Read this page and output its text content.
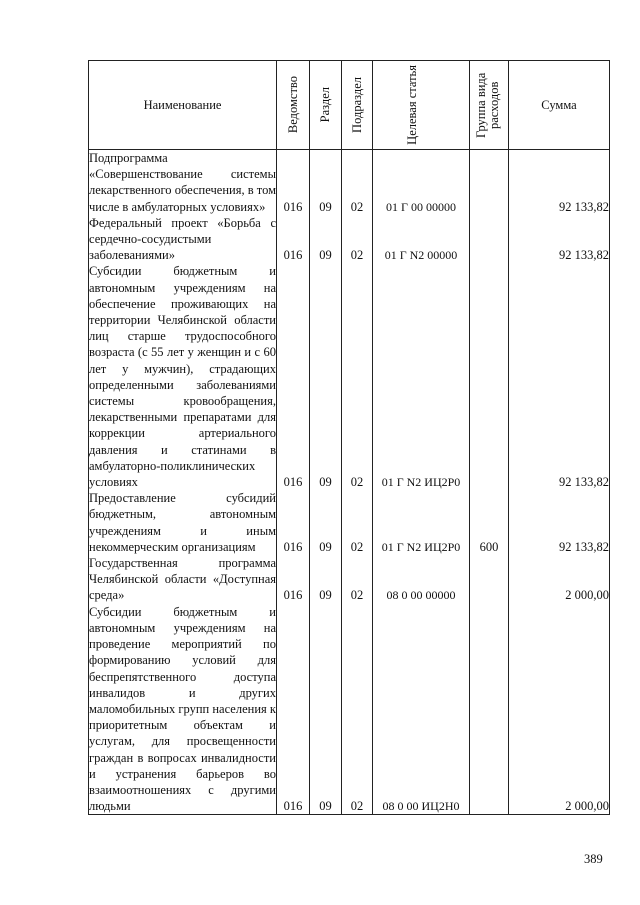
Наименование	Ведомство	Раздел	Подраздел	Целевая статья	Группа вида расходов	Сумма
Подпрограмма «Совершенствование системы лекарственного обеспечения, в том числе в амбулаторных условиях»	016	09	02	01 Г 00 00000		92 133,82
Федеральный проект «Борьба с сердечно-сосудистыми заболеваниями»	016	09	02	01 Г N2 00000		92 133,82
Субсидии бюджетным и автономным учреждениям на обеспечение проживающих на территории Челябинской области лиц старше трудоспособного возраста (с 55 лет у женщин и с 60 лет у мужчин), страдающих определенными заболеваниями системы кровообращения, лекарственными препаратами для коррекции артериального давления и статинами в амбулаторно-поликлинических условиях	016	09	02	01 Г N2 ИЦ2Р0		92 133,82
Предоставление субсидий бюджетным, автономным учреждениям и иным некоммерческим организациям	016	09	02	01 Г N2 ИЦ2Р0	600	92 133,82
Государственная программа Челябинской области «Доступная среда»	016	09	02	08 0 00 00000		2 000,00
Субсидии бюджетным и автономным учреждениям на проведение мероприятий по формированию условий для беспрепятственного доступа инвалидов и других маломобильных групп населения к приоритетным объектам и услугам, для просвещенности граждан в вопросах инвалидности и устранения барьеров во взаимоотношениях с другими людьми	016	09	02	08 0 00 ИЦ2Н0		2 000,00
389
